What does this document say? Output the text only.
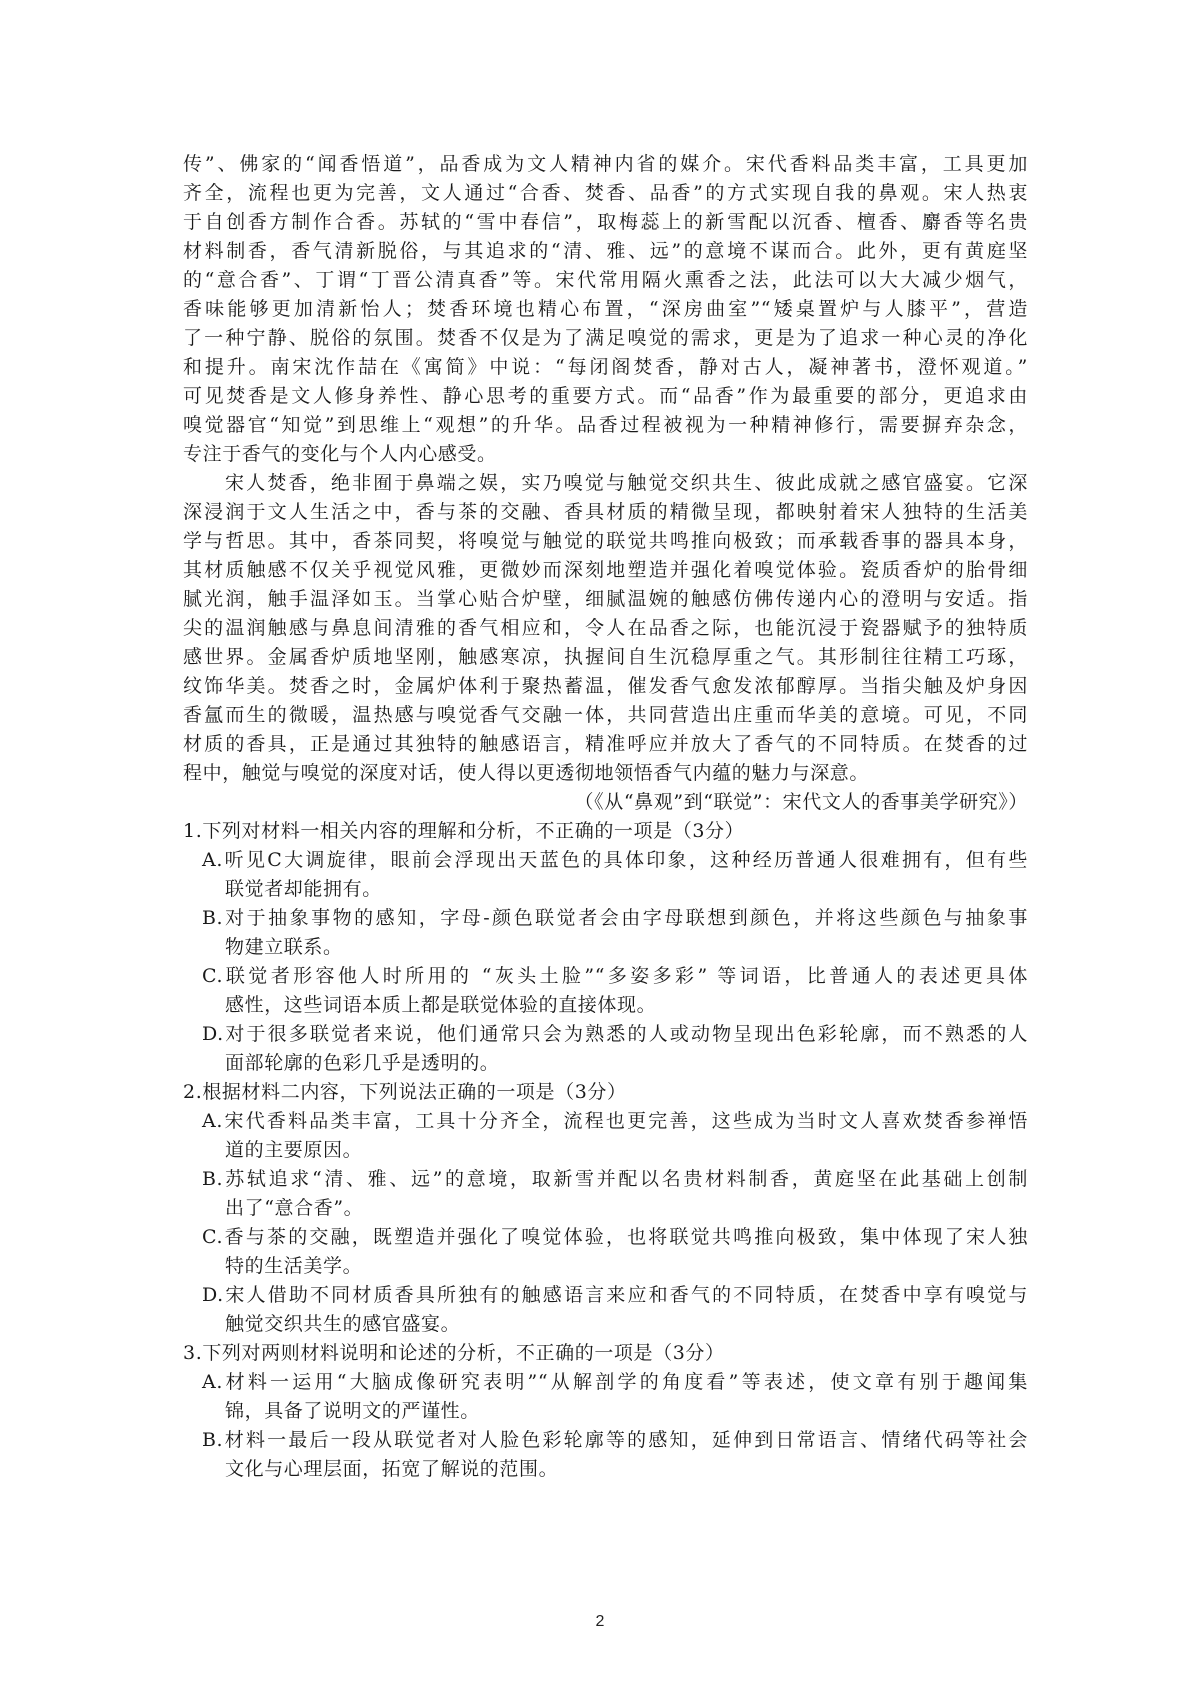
传”、佛家的“闻香悟道”，品香成为文人精神内省的媒介。宋代香料品类丰富，工具更加
齐全，流程也更为完善，文人通过“合香、焚香、品香”的方式实现自我的鼻观。宋人热衷
于自创香方制作合香。苏轼的“雪中春信”，取梅蕊上的新雪配以沉香、檀香、麝香等名贵
材料制香，香气清新脱俗，与其追求的“清、雅、远”的意境不谋而合。此外，更有黄庭坚
的“意合香”、丁谓“丁晋公清真香”等。宋代常用隔火熏香之法，此法可以大大减少烟气，
香味能够更加清新怡人；焚香环境也精心布置，“深房曲室”“矮桌置炉与人膝平”，营造
了一种宁静、脱俗的氛围。焚香不仅是为了满足嗅觉的需求，更是为了追求一种心灵的净化
和提升。南宋沈作喆在《寓简》中说：“每闭阁焚香，静对古人，凝神著书，澄怀观道。”
可见焚香是文人修身养性、静心思考的重要方式。而“品香”作为最重要的部分，更追求由
嗅觉器官“知觉”到思维上“观想”的升华。品香过程被视为一种精神修行，需要摒弃杂念，
专注于香气的变化与个人内心感受。
宋人焚香，绝非囿于鼻端之娱，实乃嗅觉与触觉交织共生、彼此成就之感官盛宴。它深
深浸润于文人生活之中，香与茶的交融、香具材质的精微呈现，都映射着宋人独特的生活美
学与哲思。其中，香茶同契，将嗅觉与触觉的联觉共鸣推向极致；而承载香事的器具本身，
其材质触感不仅关乎视觉风雅，更微妙而深刻地塑造并强化着嗅觉体验。瓷质香炉的胎骨细
腻光润，触手温泽如玉。当掌心贴合炉壁，细腻温婉的触感仿佛传递内心的澄明与安适。指
尖的温润触感与鼻息间清雅的香气相应和，令人在品香之际，也能沉浸于瓷器赋予的独特质
感世界。金属香炉质地坚刚，触感寒凉，执握间自生沉稳厚重之气。其形制往往精工巧琢，
纹饰华美。焚香之时，金属炉体利于聚热蓄温，催发香气愈发浓郁醇厚。当指尖触及炉身因
香氲而生的微暖，温热感与嗅觉香气交融一体，共同营造出庄重而华美的意境。可见，不同
材质的香具，正是通过其独特的触感语言，精准呼应并放大了香气的不同特质。在焚香的过
程中，触觉与嗅觉的深度对话，使人得以更透彻地领悟香气内蕴的魅力与深意。
（《从“鼻观”到“联觉”：宋代文人的香事美学研究》）
1.下列对材料一相关内容的理解和分析，不正确的一项是（3分）
A.听见C大调旋律，眼前会浮现出天蓝色的具体印象，这种经历普通人很难拥有，但有些
联觉者却能拥有。
B.对于抽象事物的感知，字母-颜色联觉者会由字母联想到颜色，并将这些颜色与抽象事
物建立联系。
C.联觉者形容他人时所用的 “灰头土脸”“多姿多彩” 等词语，比普通人的表述更具体
感性，这些词语本质上都是联觉体验的直接体现。
D.对于很多联觉者来说，他们通常只会为熟悉的人或动物呈现出色彩轮廓，而不熟悉的人
面部轮廓的色彩几乎是透明的。
2.根据材料二内容，下列说法正确的一项是（3分）
A.宋代香料品类丰富，工具十分齐全，流程也更完善，这些成为当时文人喜欢焚香参禅悟
道的主要原因。
B.苏轼追求“清、雅、远”的意境，取新雪并配以名贵材料制香，黄庭坚在此基础上创制
出了“意合香”。
C.香与茶的交融，既塑造并强化了嗅觉体验，也将联觉共鸣推向极致，集中体现了宋人独
特的生活美学。
D.宋人借助不同材质香具所独有的触感语言来应和香气的不同特质，在焚香中享有嗅觉与
触觉交织共生的感官盛宴。
3.下列对两则材料说明和论述的分析，不正确的一项是（3分）
A.材料一运用“大脑成像研究表明”“从解剖学的角度看”等表述，使文章有别于趣闻集
锦，具备了说明文的严谨性。
B.材料一最后一段从联觉者对人脸色彩轮廓等的感知，延伸到日常语言、情绪代码等社会
文化与心理层面，拓宽了解说的范围。
2
